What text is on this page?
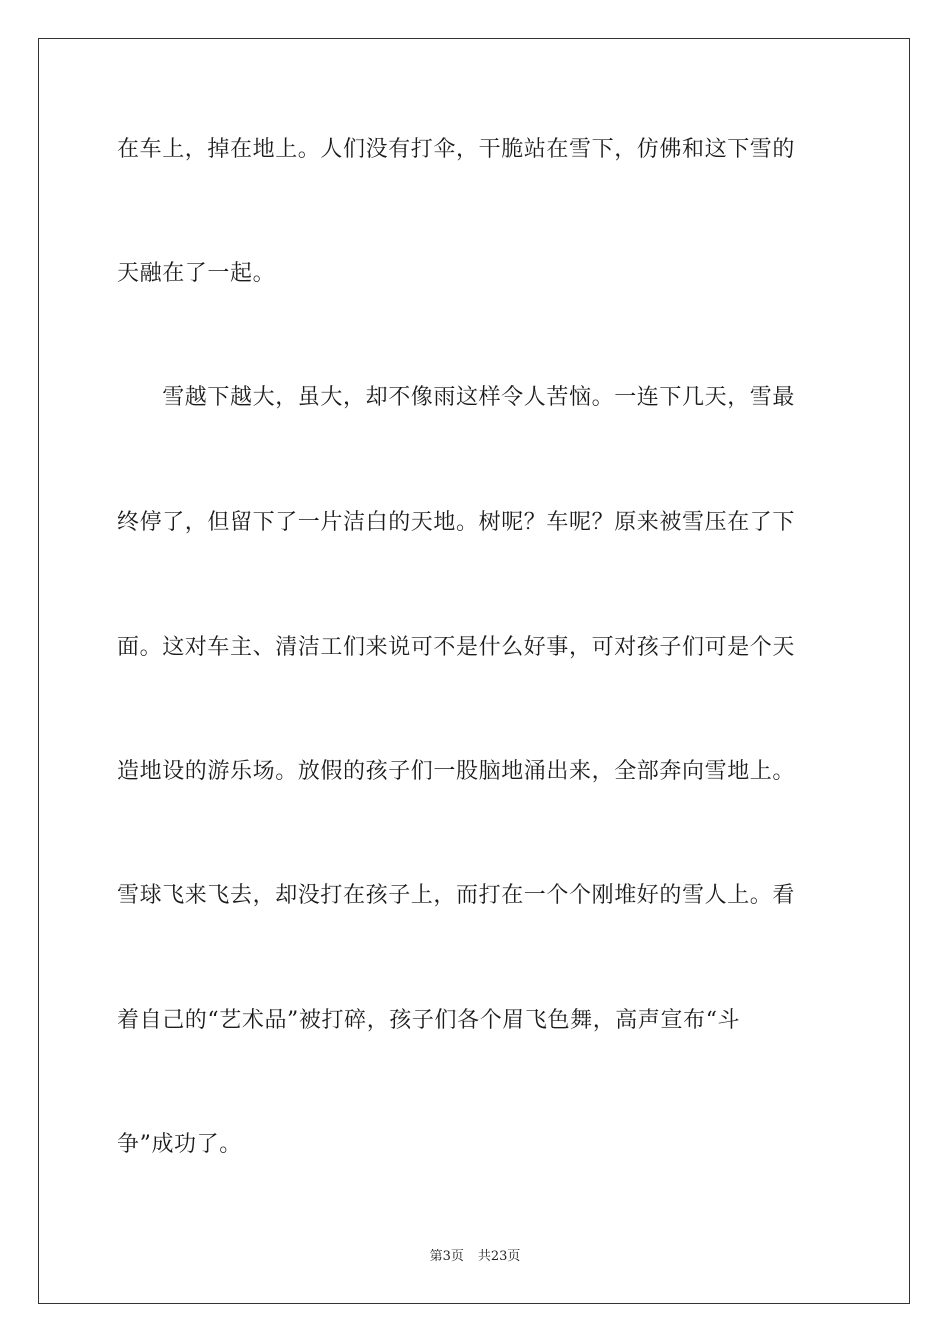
在车上，掉在地上。人们没有打伞，干脆站在雪下，仿佛和这下雪的
天融在了一起。
　　雪越下越大，虽大，却不像雨这样令人苦恼。一连下几天，雪最
终停了，但留下了一片洁白的天地。树呢？车呢？原来被雪压在了下
面。这对车主、清洁工们来说可不是什么好事，可对孩子们可是个天
造地设的游乐场。放假的孩子们一股脑地涌出来，全部奔向雪地上。
雪球飞来飞去，却没打在孩子上，而打在一个个刚堆好的雪人上。看
着自己的“艺术品”被打碎，孩子们各个眉飞色舞，高声宣布“斗
争”成功了。
第3页 共23页
